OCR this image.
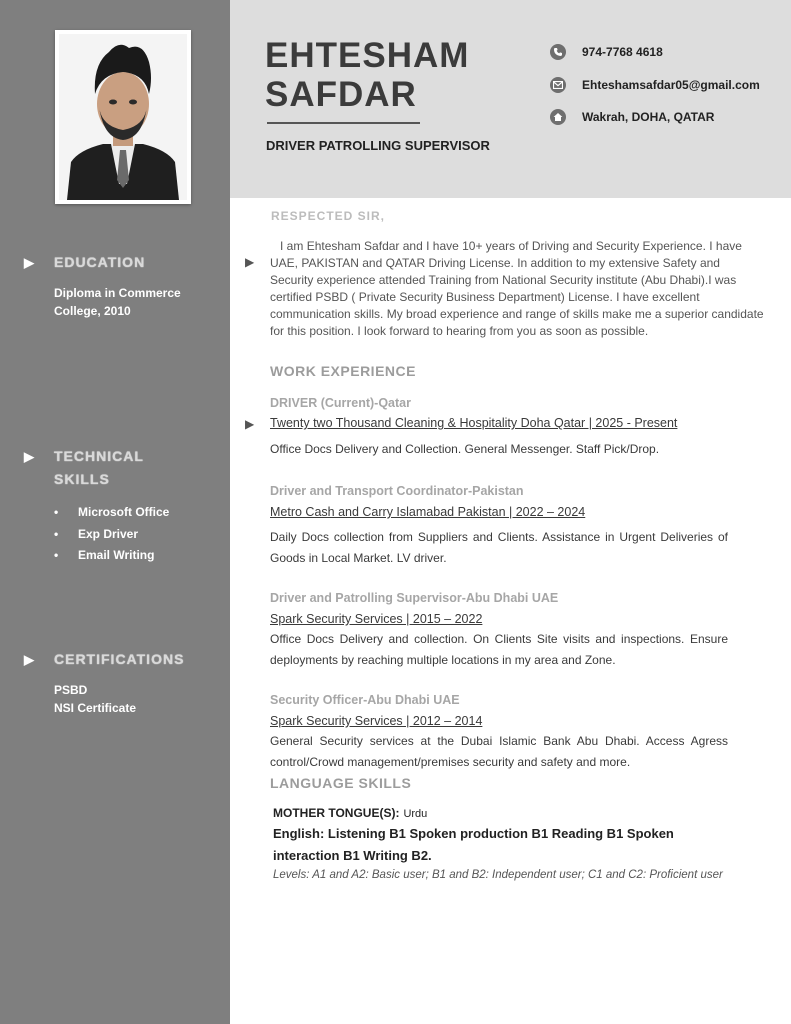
EHTESHAM
SAFDAR
DRIVER PATROLLING SUPERVISOR
974-7768 4618
Ehteshamsafdar05@gmail.com
Wakrah, DOHA, QATAR
▶	EDUCATION
Diploma in Commerce
College, 2010
▶	TECHNICAL
SKILLS
• Microsoft Office
• Exp Driver
• Email Writing
▶	CERTIFICATIONS
PSBD
NSI Certificate
RESPECTED SIR,
▶

I am Ehtesham Safdar and I have 10+ years of Driving and Security Experience. I have UAE, PAKISTAN and QATAR Driving License. In addition to my extensive Safety and Security experience attended Training from National Security institute (Abu Dhabi).I was certified PSBD ( Private Security Business Department) License. I have excellent communication skills. My broad experience and range of skills make me a superior candidate for this position. I look forward to hearing from you as soon as possible.

WORK EXPERIENCE
▶
DRIVER (Current)-Qatar
Twenty two Thousand Cleaning & Hospitality Doha Qatar | 2025 - Present

Office Docs Delivery and Collection. General Messenger. Staff Pick/Drop.

Driver and Transport Coordinator-Pakistan
Metro Cash and Carry Islamabad Pakistan | 2022 – 2024

Daily Docs collection from Suppliers and Clients. Assistance in Urgent Deliveries of Goods in Local Market. LV driver.

Driver and Patrolling Supervisor-Abu Dhabi UAE
Spark Security Services | 2015 – 2022

Office Docs Delivery and collection. On Clients Site visits and inspections. Ensure deployments by reaching multiple locations in my area and Zone.

Security Officer-Abu Dhabi UAE
Spark Security Services | 2012 – 2014

General Security services at the Dubai Islamic Bank Abu Dhabi. Access Agress control/Crowd management/premises security and safety and more.

LANGUAGE SKILLS
MOTHER TONGUE(S): Urdu

English: Listening B1 Spoken production B1 Reading B1 Spoken interaction B1 Writing B2.

Levels: A1 and A2: Basic user; B1 and B2: Independent user; C1 and C2: Proficient user
